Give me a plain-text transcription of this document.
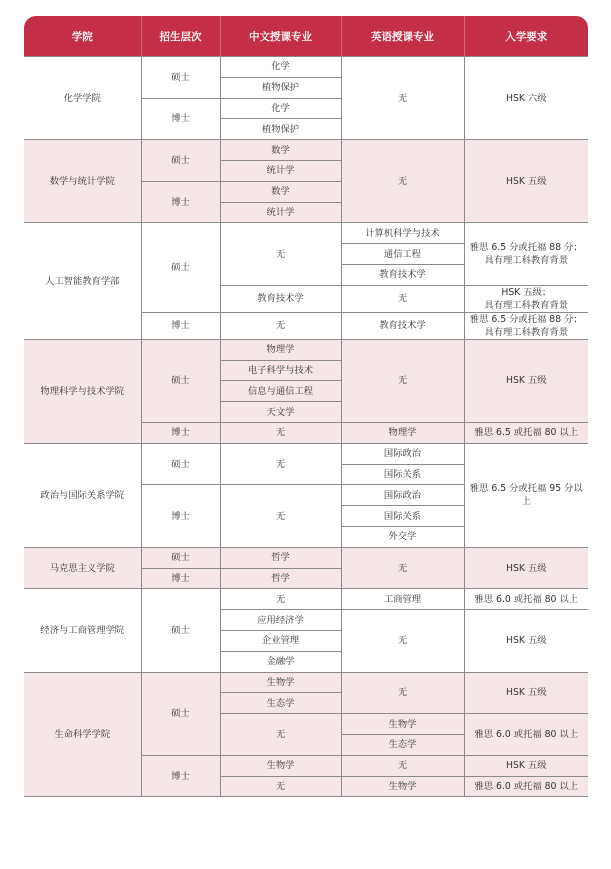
学院	招生层次	中文授课专业	英语授课专业	入学要求
化学学院	硕士	化学	无	HSK 六级
		植物保护		
	博士	化学		
		植物保护		
数学与统计学院	硕士	数学	无	HSK 五级
		统计学		
	博士	数学		
		统计学		
人工智能教育学部	硕士	无	计算机科学与技术	雅思 6.5 分或托福 88 分；
具有理工科教育背景
			通信工程	
			教育技术学	
		教育技术学	无	HSK 五级；
具有理工科教育背景

	博士	无	教育技术学	雅思 6.5 分或托福 88 分；
具有理工科教育背景

物理科学与技术学院	硕士	物理学	无	HSK 五级
		电子科学与技术		
		信息与通信工程		
		天文学		
	博士	无	物理学	雅思 6.5 或托福 80 以上
政治与国际关系学院	硕士	无	国际政治	雅思 6.5 分或托福 95 分以上
			国际关系	
	博士	无	国际政治	
			国际关系	
			外交学	
马克思主义学院	硕士	哲学	无	HSK 五级
	博士	哲学		
经济与工商管理学院	硕士	无	工商管理	雅思 6.0 或托福 80 以上
		应用经济学	无	HSK 五级
		企业管理		
		金融学		
生命科学学院	硕士	生物学	无	HSK 五级
		生态学		
		无	生物学	雅思 6.0 或托福 80 以上
			生态学	
	博士	生物学	无	HSK 五级

		无	生物学	雅思 6.0 或托福 80 以上
